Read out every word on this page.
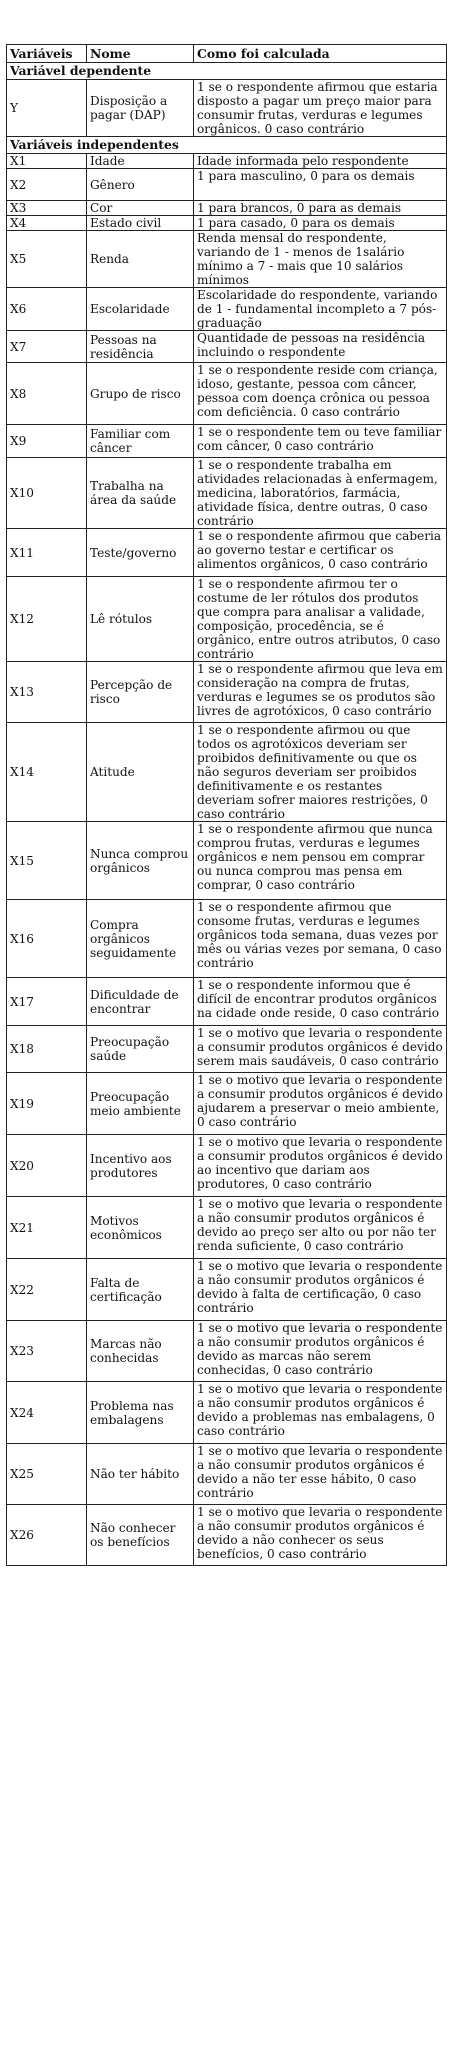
Variáveis	Nome	Como foi calculada
Variável dependente		
Y	Disposição a pagar (DAP)	1 se o respondente afirmou que estaria disposto a pagar um preço maior para consumir frutas, verduras e legumes orgânicos. 0 caso contrário
Variáveis independentes		
X1	Idade	Idade informada pelo respondente
X2	Gênero	1 para masculino, 0 para os demais
X3	Cor	1 para brancos, 0 para as demais
X4	Estado civil	1 para casado, 0 para os demais
X5	Renda	Renda mensal do respondente, variando de 1 - menos de 1salário mínimo a 7 - mais que 10 salários mínimos
X6	Escolaridade	Escolaridade do respondente, variando de 1 - fundamental incompleto a 7 pós-graduação
X7	Pessoas na residência	Quantidade de pessoas na residência incluindo o respondente
X8	Grupo de risco	1 se o respondente reside com criança, idoso, gestante, pessoa com câncer, pessoa com doença crônica ou pessoa com deficiência. 0 caso contrário
X9	Familiar com câncer	1 se o respondente tem ou teve familiar com câncer, 0 caso contrário
X10	Trabalha na área da saúde	1 se o respondente trabalha em atividades relacionadas à enfermagem, medicina, laboratórios, farmácia, atividade física, dentre outras, 0 caso contrário
X11	Teste/governo	1 se o respondente afirmou que caberia ao governo testar e certificar os alimentos orgânicos, 0 caso contrário
X12	Lê rótulos	1 se o respondente afirmou ter o costume de ler rótulos dos produtos que compra para analisar a validade, composição, procedência, se é orgânico, entre outros atributos, 0 caso contrário
X13	Percepção de risco	1 se o respondente afirmou que leva em consideração na compra de frutas, verduras e legumes se os produtos são livres de agrotóxicos, 0 caso contrário
X14	Atitude	1 se o respondente afirmou ou que todos os agrotóxicos deveriam ser proibidos definitivamente ou que os não seguros deveriam ser proibidos definitivamente e os restantes deveriam sofrer maiores restrições, 0 caso contrário
X15	Nunca comprou orgânicos	1 se o respondente afirmou que nunca comprou frutas, verduras e legumes orgânicos e nem pensou em comprar ou nunca comprou mas pensa em comprar, 0 caso contrário
X16	Compra orgânicos seguidamente	1 se o respondente afirmou que consome frutas, verduras e legumes orgânicos toda semana, duas vezes por mês ou várias vezes por semana, 0 caso contrário
X17	Dificuldade de encontrar	1 se o respondente informou que é difícil de encontrar produtos orgânicos na cidade onde reside, 0 caso contrário
X18	Preocupação saúde	1 se o motivo que levaria o respondente a consumir produtos orgânicos é devido serem mais saudáveis, 0 caso contrário
X19	Preocupação meio ambiente	1 se o motivo que levaria o respondente a consumir produtos orgânicos é devido ajudarem a preservar o meio ambiente, 0 caso contrário
X20	Incentivo aos produtores	1 se o motivo que levaria o respondente a consumir produtos orgânicos é devido ao incentivo que dariam aos produtores, 0 caso contrário
X21	Motivos econômicos	1 se o motivo que levaria o respondente a não consumir produtos orgânicos é devido ao preço ser alto ou por não ter renda suficiente, 0 caso contrário
X22	Falta de certificação	1 se o motivo que levaria o respondente a não consumir produtos orgânicos é devido à falta de certificação, 0 caso contrário
X23	Marcas não conhecidas	1 se o motivo que levaria o respondente a não consumir produtos orgânicos é devido as marcas não serem conhecidas, 0 caso contrário
X24	Problema nas embalagens	1 se o motivo que levaria o respondente a não consumir produtos orgânicos é devido a problemas nas embalagens, 0 caso contrário
X25	Não ter hábito	1 se o motivo que levaria o respondente a não consumir produtos orgânicos é devido a não ter esse hábito, 0 caso contrário
X26	Não conhecer os benefícios	1 se o motivo que levaria o respondente a não consumir produtos orgânicos é devido a não conhecer os seus benefícios, 0 caso contrário
